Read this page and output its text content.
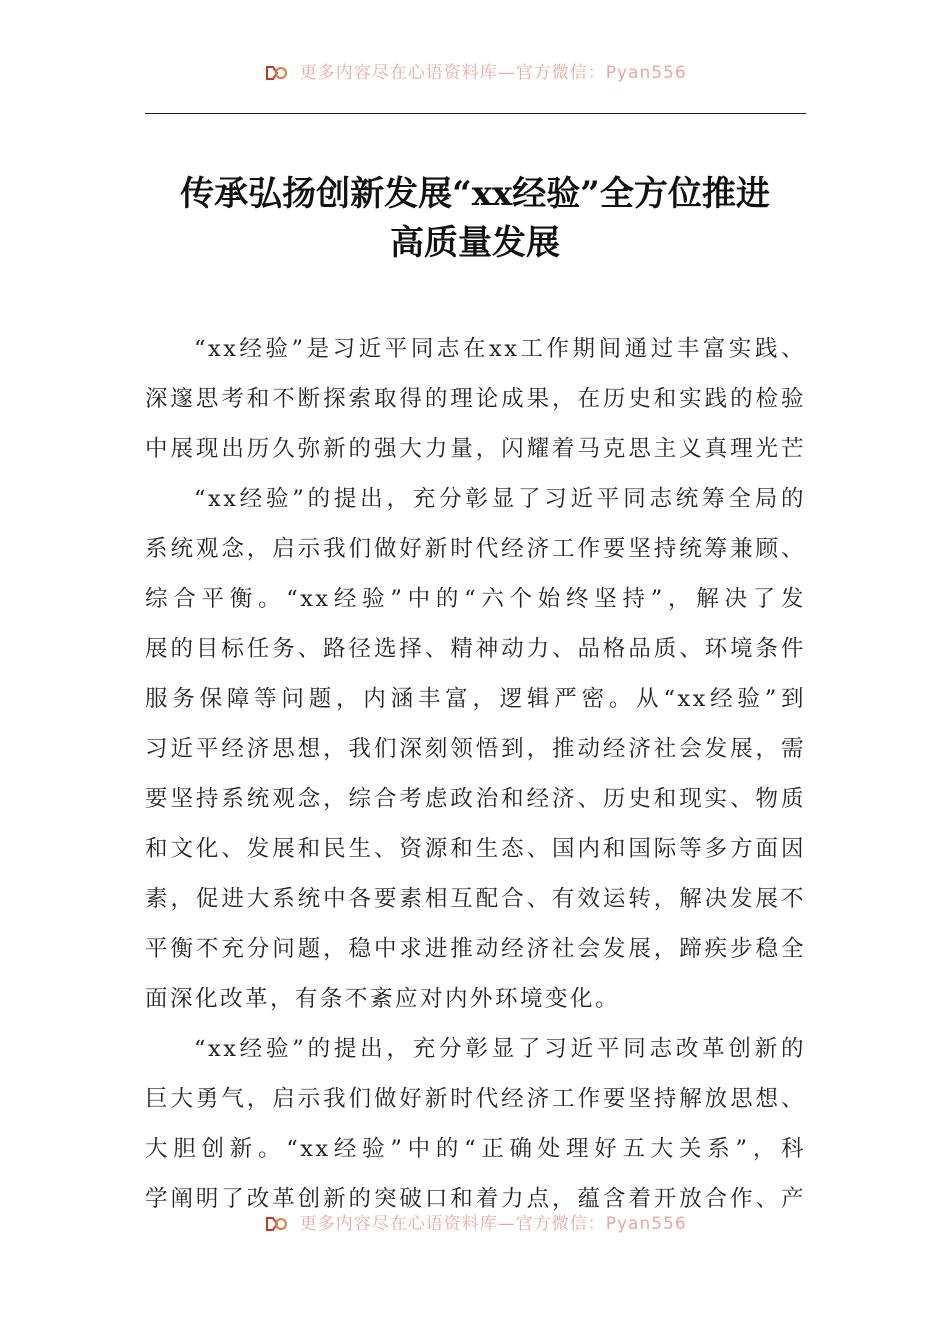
更多内容尽在心语资料库—官方微信：Pyan556
传承弘扬创新发展“xx经验”全方位推进
高质量发展
“xx经验”是习近平同志在xx工作期间通过丰富实践、
深邃思考和不断探索取得的理论成果，在历史和实践的检验
中展现出历久弥新的强大力量，闪耀着马克思主义真理光芒
“xx经验”的提出，充分彰显了习近平同志统筹全局的
系统观念，启示我们做好新时代经济工作要坚持统筹兼顾、
综合平衡。“xx经验”中的“六个始终坚持”，解决了发
展的目标任务、路径选择、精神动力、品格品质、环境条件
服务保障等问题，内涵丰富，逻辑严密。从“xx经验”到
习近平经济思想，我们深刻领悟到，推动经济社会发展，需
要坚持系统观念，综合考虑政治和经济、历史和现实、物质
和文化、发展和民生、资源和生态、国内和国际等多方面因
素，促进大系统中各要素相互配合、有效运转，解决发展不
平衡不充分问题，稳中求进推动经济社会发展，蹄疾步稳全
面深化改革，有条不紊应对内外环境变化。
“xx经验”的提出，充分彰显了习近平同志改革创新的
巨大勇气，启示我们做好新时代经济工作要坚持解放思想、
大胆创新。“xx经验”中的“正确处理好五大关系”，科
学阐明了改革创新的突破口和着力点，蕴含着开放合作、产
更多内容尽在心语资料库—官方微信：Pyan556
